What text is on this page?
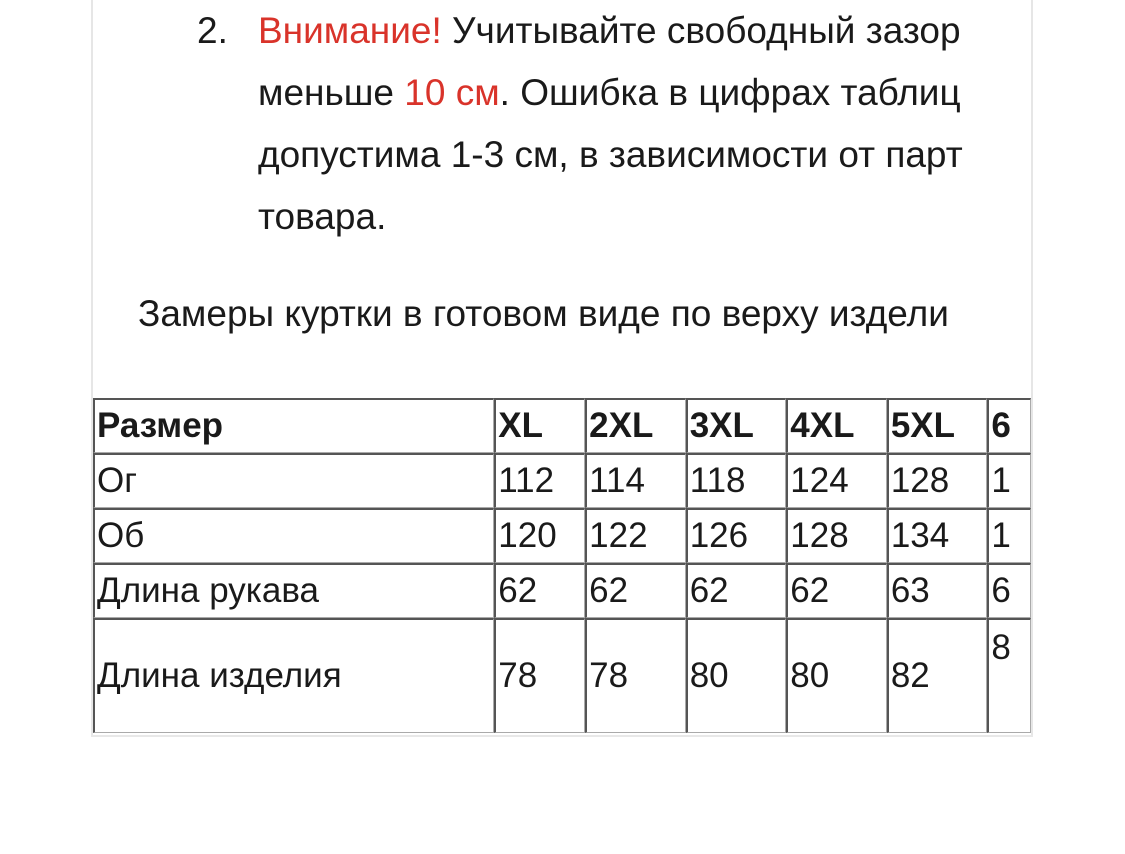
2. Внимание! Учитывайте свободный зазор
меньше 10 см. Ошибка в цифрах таблиц
допустима 1-3 см, в зависимости от парт
товара.
Замеры куртки в готовом виде по верху издели
Размер	XL	2XL	3XL	4XL	5XL	6
Ог	112	114	118	124	128	1
Об	120	122	126	128	134	1
Длина рукава	62	62	62	62	63	6
Длина изделия	78	78	80	80	82	8
